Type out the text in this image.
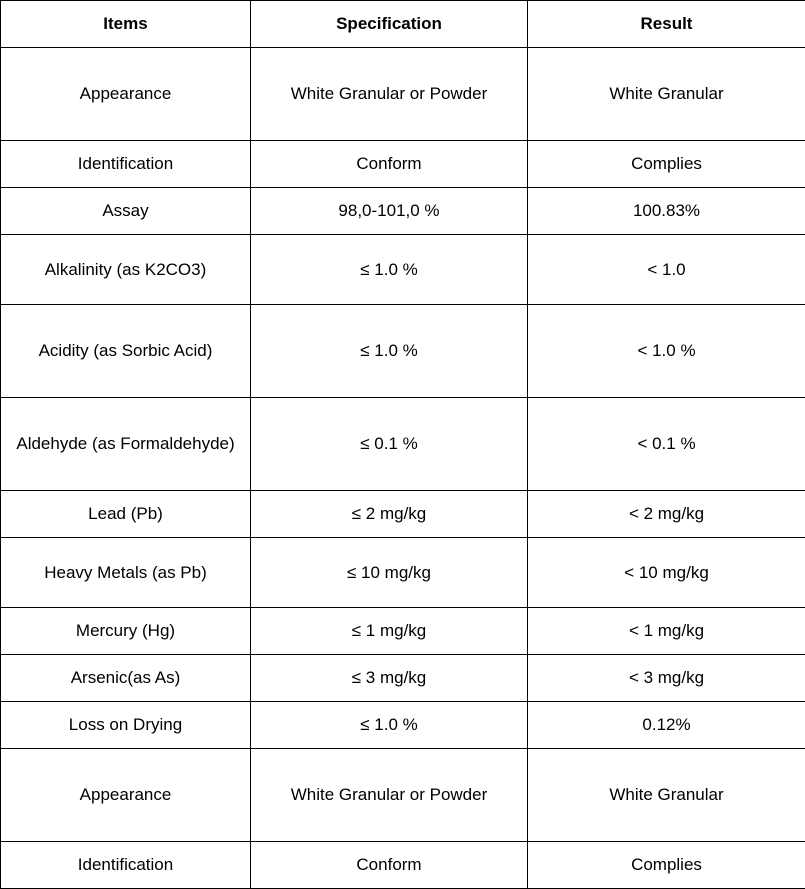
Items	Specification	Result
Appearance	White Granular or Powder	White Granular
Identification	Conform	Complies
Assay	98,0-101,0 %	100.83%
Alkalinity (as K2CO3)	≤ 1.0 %	< 1.0
Acidity (as Sorbic Acid)	≤ 1.0 %	< 1.0 %
Aldehyde (as Formaldehyde)	≤ 0.1 %	< 0.1 %
Lead (Pb)	≤ 2 mg/kg	< 2 mg/kg
Heavy Metals (as Pb)	≤ 10 mg/kg	< 10 mg/kg
Mercury (Hg)	≤ 1 mg/kg	< 1 mg/kg
Arsenic(as As)	≤ 3 mg/kg	< 3 mg/kg
Loss on Drying	≤ 1.0 %	0.12%
Appearance	White Granular or Powder	White Granular
Identification	Conform	Complies
